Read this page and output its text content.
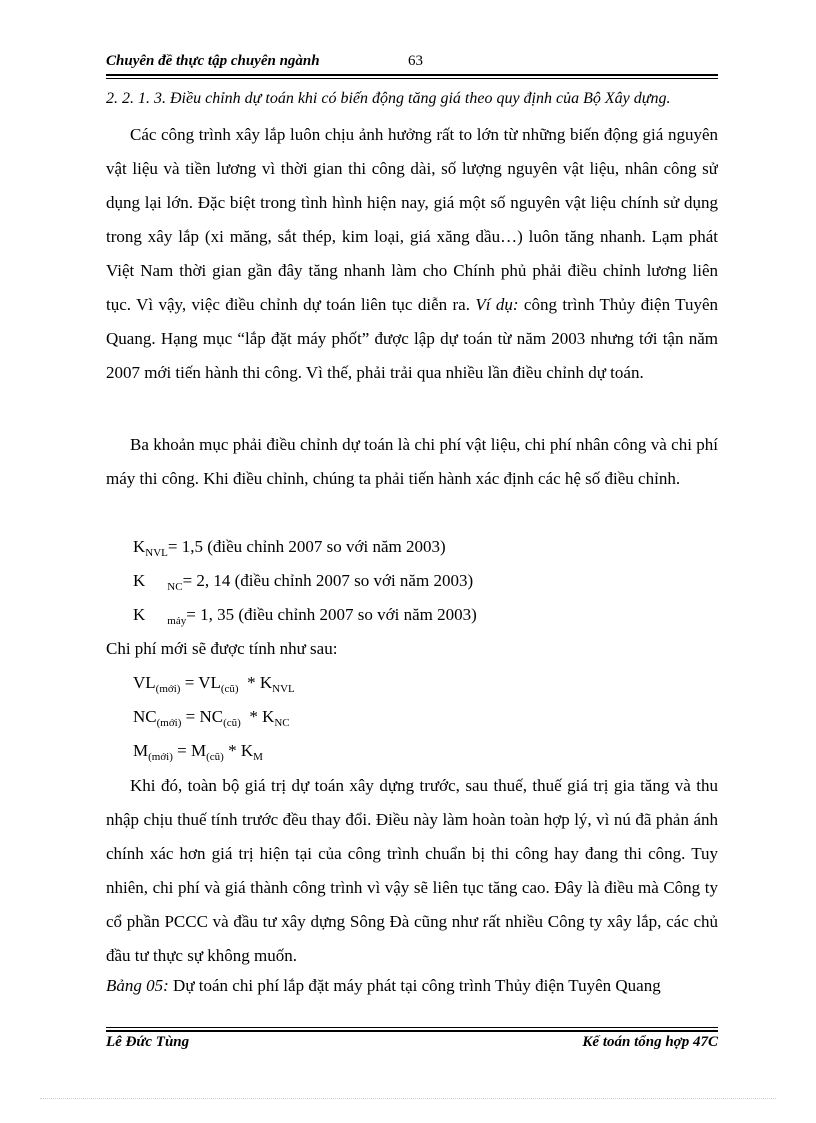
Chuyên đề thực tập chuyên ngành	63
2. 2. 1. 3. Điều chỉnh dự toán khi có biến động tăng giá theo quy định của Bộ Xây dựng.

Các công trình xây lắp luôn chịu ảnh hưởng rất to lớn từ những biến động giá nguyên vật liệu và tiền lương vì thời gian thi công dài, số lượng nguyên vật liệu, nhân công sử dụng lại lớn. Đặc biệt trong tình hình hiện nay, giá một số nguyên vật liệu chính sử dụng trong xây lắp (xi măng, sắt thép, kim loại, giá xăng dầu…) luôn tăng nhanh. Lạm phát Việt Nam thời gian gần đây tăng nhanh làm cho Chính phủ phải điều chỉnh lương liên tục. Vì vậy, việc điều chỉnh dự toán liên tục diễn ra. Ví dụ: công trình Thủy điện Tuyên Quang. Hạng mục “lắp đặt máy phốt” được lập dự toán từ năm 2003 nhưng tới tận năm 2007 mới tiến hành thi công. Vì thế, phải trải qua nhiều lần điều chỉnh dự toán.

Ba khoản mục phải điều chỉnh dự toán là chi phí vật liệu, chi phí nhân công và chi phí máy thi công. Khi điều chỉnh, chúng ta phải tiến hành xác định các hệ số điều chỉnh.

$K_{NVL}= 1,5$ (điều chỉnh 2007 so với năm 2003)
K $_{NC}$= 2, 14 (điều chỉnh 2007 so với năm 2003)
K $_{máy}$= 1, 35 (điều chỉnh 2007 so với năm 2003)
Chi phí mới sẽ được tính như sau:
$VL_{(mới)} = VL_{(cũ)} * K_{NVL}$
$NC_{(mới)} = NC_{(cũ)} * K_{NC}$
$M_{(mới)} = M_{(cũ)} * K_M$

Khi đó, toàn bộ giá trị dự toán xây dựng trước, sau thuế, thuế giá trị gia tăng và thu nhập chịu thuế tính trước đều thay đổi. Điều này làm hoàn toàn hợp lý, vì nú đã phản ánh chính xác hơn giá trị hiện tại của công trình chuẩn bị thi công hay đang thi công. Tuy nhiên, chi phí và giá thành công trình vì vậy sẽ liên tục tăng cao. Đây là điều mà Công ty cổ phần PCCC và đầu tư xây dựng Sông Đà cũng như rất nhiều Công ty xây lắp, các chủ đầu tư thực sự không muốn.

Bảng 05: Dự toán chi phí lắp đặt máy phát tại công trình Thủy điện Tuyên Quang
Lê Đức Tùng	Kế toán tổng hợp 47C
